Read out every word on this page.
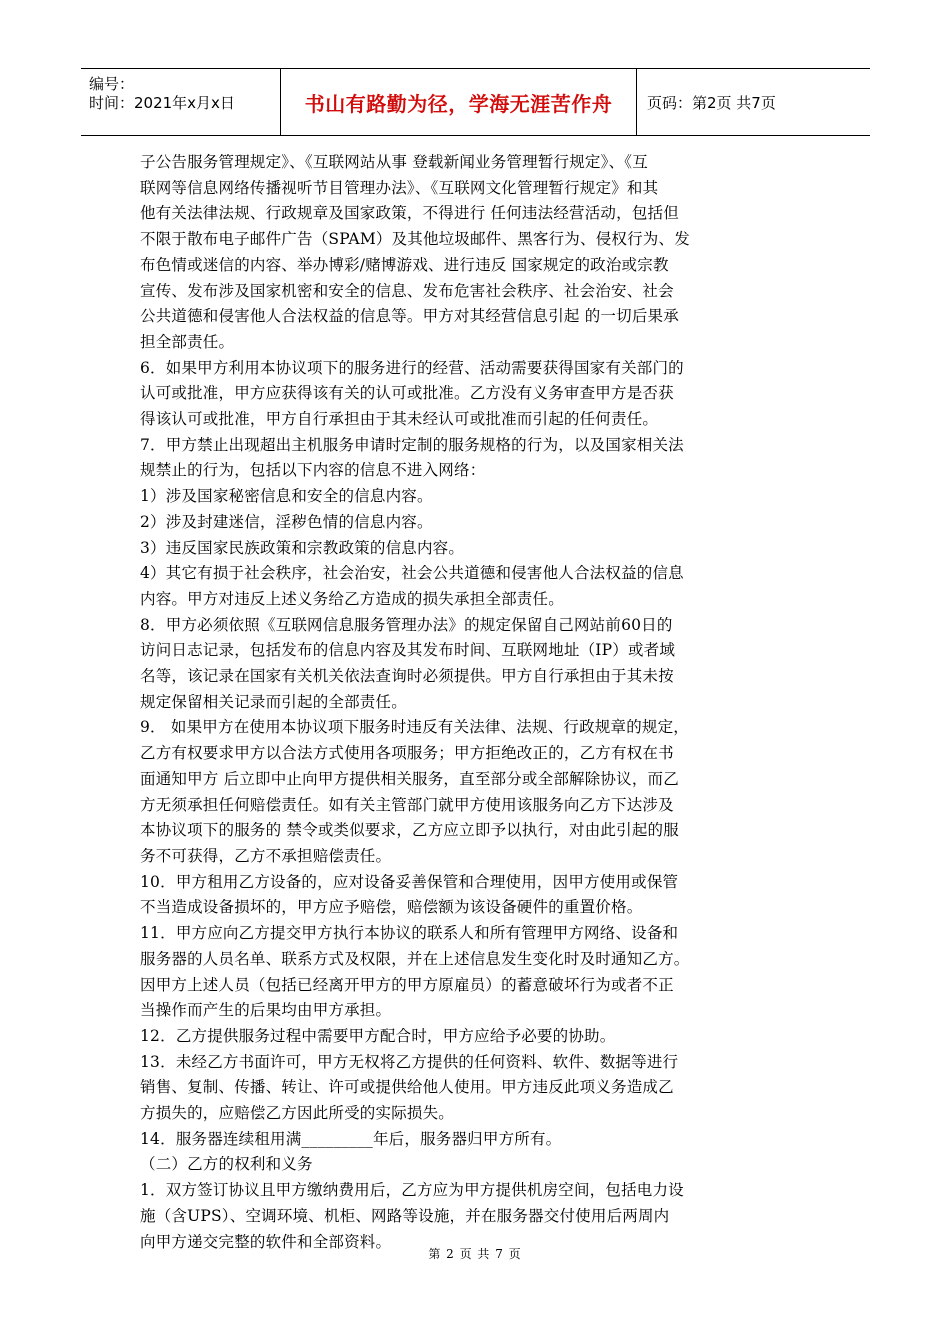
编号：
时间：2021年x月x日	书山有路勤为径，学海无涯苦作舟	页码：第2页 共7页

子公告服务管理规定》、《互联网站从事 登载新闻业务管理暂行规定》、《互

联网等信息网络传播视听节目管理办法》、《互联网文化管理暂行规定》和其

他有关法律法规、行政规章及国家政策，不得进行 任何违法经营活动，包括但

不限于散布电子邮件广告（SPAM）及其他垃圾邮件、黑客行为、侵权行为、发

布色情或迷信的内容、举办博彩/赌博游戏、进行违反 国家规定的政治或宗教

宣传、发布涉及国家机密和安全的信息、发布危害社会秩序、社会治安、社会

公共道德和侵害他人合法权益的信息等。甲方对其经营信息引起 的一切后果承

担全部责任。

6．如果甲方利用本协议项下的服务进行的经营、活动需要获得国家有关部门的

认可或批准，甲方应获得该有关的认可或批准。乙方没有义务审查甲方是否获

得该认可或批准，甲方自行承担由于其未经认可或批准而引起的任何责任。

7．甲方禁止出现超出主机服务申请时定制的服务规格的行为，以及国家相关法

规禁止的行为，包括以下内容的信息不进入网络：

1）涉及国家秘密信息和安全的信息内容。

2）涉及封建迷信，淫秽色情的信息内容。

3）违反国家民族政策和宗教政策的信息内容。

4）其它有损于社会秩序，社会治安，社会公共道德和侵害他人合法权益的信息

内容。甲方对违反上述义务给乙方造成的损失承担全部责任。

8．甲方必须依照《互联网信息服务管理办法》的规定保留自己网站前60日的

访问日志记录，包括发布的信息内容及其发布时间、互联网地址（IP）或者域

名等，该记录在国家有关机关依法查询时必须提供。甲方自行承担由于其未按

规定保留相关记录而引起的全部责任。

9． 如果甲方在使用本协议项下服务时违反有关法律、法规、行政规章的规定，

乙方有权要求甲方以合法方式使用各项服务；甲方拒绝改正的，乙方有权在书

面通知甲方 后立即中止向甲方提供相关服务，直至部分或全部解除协议，而乙

方无须承担任何赔偿责任。如有关主管部门就甲方使用该服务向乙方下达涉及

本协议项下的服务的 禁令或类似要求，乙方应立即予以执行，对由此引起的服

务不可获得，乙方不承担赔偿责任。

10．甲方租用乙方设备的，应对设备妥善保管和合理使用，因甲方使用或保管

不当造成设备损坏的，甲方应予赔偿，赔偿额为该设备硬件的重置价格。

11．甲方应向乙方提交甲方执行本协议的联系人和所有管理甲方网络、设备和

服务器的人员名单、联系方式及权限，并在上述信息发生变化时及时通知乙方。

因甲方上述人员（包括已经离开甲方的甲方原雇员）的蓄意破坏行为或者不正

当操作而产生的后果均由甲方承担。

12．乙方提供服务过程中需要甲方配合时，甲方应给予必要的协助。

13．未经乙方书面许可，甲方无权将乙方提供的任何资料、软件、数据等进行

销售、复制、传播、转让、许可或提供给他人使用。甲方违反此项义务造成乙

方损失的，应赔偿乙方因此所受的实际损失。

14．服务器连续租用满_________年后，服务器归甲方所有。

（二）乙方的权利和义务

1．双方签订协议且甲方缴纳费用后，乙方应为甲方提供机房空间，包括电力设

施（含UPS）、空调环境、机柜、网路等设施，并在服务器交付使用后两周内

向甲方递交完整的软件和全部资料。

第 2 页 共 7 页
